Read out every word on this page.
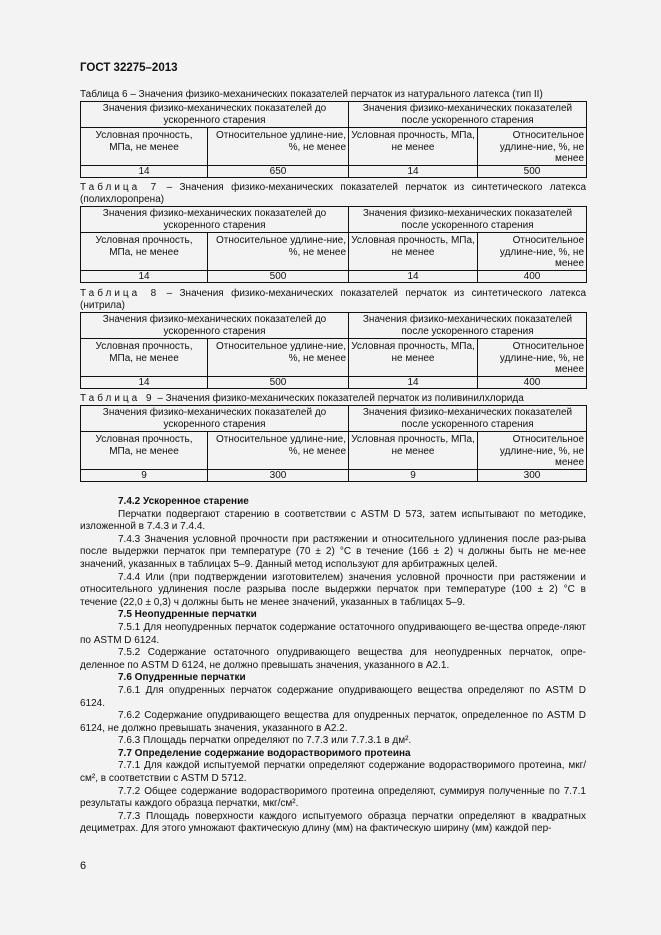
ГОСТ 32275–2013
Таблица 6 – Значения физико-механических показателей перчаток из натурального латекса (тип II)
Значения физико-механических показателей до ускоренного старения		Значения физико-механических показателей после ускоренного старения	
Условная прочность, МПа, не менее	Относительное удлине-ние, %, не менее	Условная прочность, МПа, не менее	Относительное удлине-ние, %, не менее
14	650	14	500
Таблица 7 – Значения физико-механических показателей перчаток из синтетического латекса
(полихлоропрена)
Значения физико-механических показателей до ускоренного старения		Значения физико-механических показателей после ускоренного старения	
Условная прочность, МПа, не менее	Относительное удлине-ние, %, не менее	Условная прочность, МПа, не менее	Относительное удлине-ние, %, не менее
14	500	14	400
Таблица 8 – Значения физико-механических показателей перчаток из синтетического латекса
(нитрила)
Значения физико-механических показателей до ускоренного старения		Значения физико-механических показателей после ускоренного старения	
Условная прочность, МПа, не менее	Относительное удлине-ние, %, не менее	Условная прочность, МПа, не менее	Относительное удлине-ние, %, не менее
14	500	14	400
Таблица 9 – Значения физико-механических показателей перчаток из поливинилхлорида
Значения физико-механических показателей до ускоренного старения		Значения физико-механических показателей после ускоренного старения	
Условная прочность, МПа, не менее	Относительное удлине-ние, %, не менее	Условная прочность, МПа, не менее	Относительное удлине-ние, %, не менее
9	300	9	300

7.4.2 Ускоренное старение

Перчатки подвергают старению в соответствии с ASTM D 573, затем испытывают по методике, изложенной в 7.4.3 и 7.4.4.

7.4.3 Значения условной прочности при растяжении и относительного удлинения после раз-рыва после выдержки перчаток при температуре (70 ± 2) °С в течение (166 ± 2) ч должны быть не ме-нее значений, указанных в таблицах 5–9. Данный метод используют для арбитражных целей.

7.4.4 Или (при подтверждении изготовителем) значения условной прочности при растяжении и относительного удлинения после разрыва после выдержки перчаток при температуре (100 ± 2) °С в течение (22,0 ± 0,3) ч должны быть не менее значений, указанных в таблицах 5–9.

7.5 Неопудренные перчатки

7.5.1 Для неопудренных перчаток содержание остаточного опудривающего ве-щества опреде-ляют по ASTM D 6124.

7.5.2 Содержание остаточного опудривающего вещества для неопудренных перчаток, опре-деленное по ASTM D 6124, не должно превышать значения, указанного в А2.1.

7.6 Опудренные перчатки

7.6.1 Для опудренных перчаток содержание опудривающего вещества определяют по ASTM D 6124.

7.6.2 Содержание опудривающего вещества для опудренных перчаток, определенное по ASTM D 6124, не должно превышать значения, указанного в А2.2.

7.6.3 Площадь перчатки определяют по 7.7.3 или 7.7.3.1 в дм².

7.7 Определение содержание водорастворимого протеина

7.7.1 Для каждой испытуемой перчатки определяют содержание водорастворимого протеина, мкг/см², в соответствии с ASTM D 5712.

7.7.2 Общее содержание водорастворимого протеина определяют, суммируя полученные по 7.7.1 результаты каждого образца перчатки, мкг/см².

7.7.3 Площадь поверхности каждого испытуемого образца перчатки определяют в квадратных дециметрах. Для этого умножают фактическую длину (мм) на фактическую ширину (мм) каждой пер-

6
